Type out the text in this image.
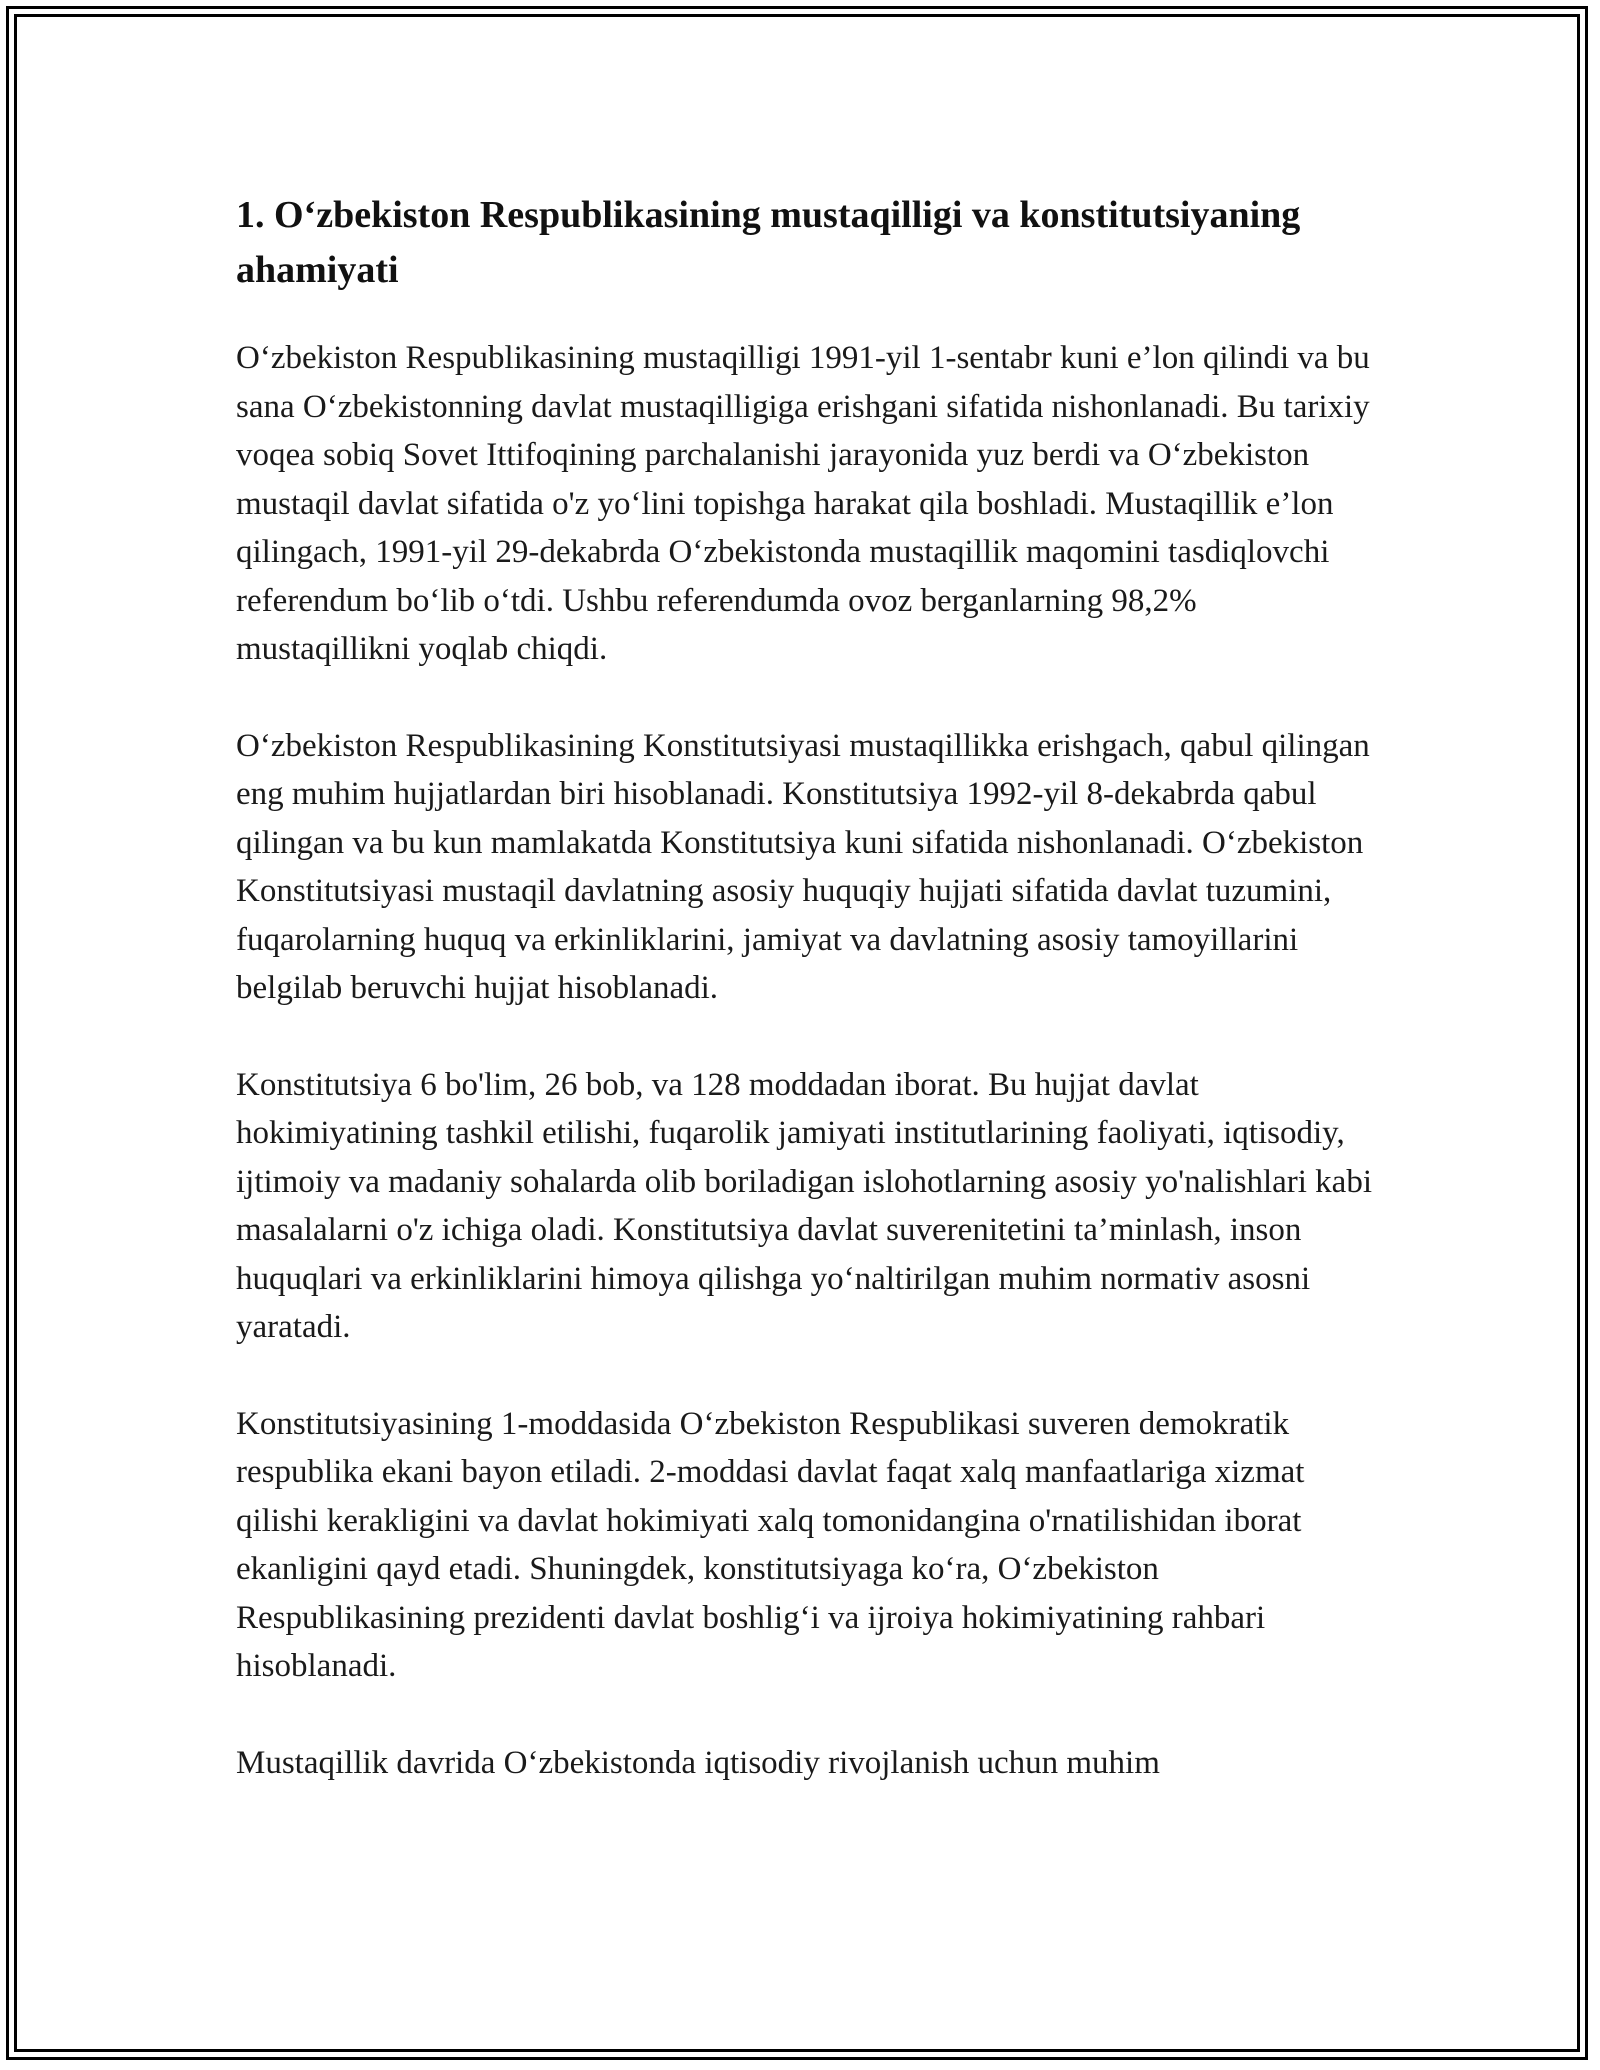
1. O‘zbekiston Respublikasining mustaqilligi va konstitutsiyaning ahamiyati

O‘zbekiston Respublikasining mustaqilligi 1991-yil 1-sentabr kuni e’lon qilindi va bu sana O‘zbekistonning davlat mustaqilligiga erishgani sifatida nishonlanadi. Bu tarixiy voqea sobiq Sovet Ittifoqining parchalanishi jarayonida yuz berdi va O‘zbekiston mustaqil davlat sifatida o'z yo‘lini topishga harakat qila boshladi. Mustaqillik e’lon qilingach, 1991-yil 29-dekabrda O‘zbekistonda mustaqillik maqomini tasdiqlovchi referendum bo‘lib o‘tdi. Ushbu referendumda ovoz berganlarning 98,2% mustaqillikni yoqlab chiqdi.

O‘zbekiston Respublikasining Konstitutsiyasi mustaqillikka erishgach, qabul qilingan eng muhim hujjatlardan biri hisoblanadi. Konstitutsiya 1992-yil 8-dekabrda qabul qilingan va bu kun mamlakatda Konstitutsiya kuni sifatida nishonlanadi. O‘zbekiston Konstitutsiyasi mustaqil davlatning asosiy huquqiy hujjati sifatida davlat tuzumini, fuqarolarning huquq va erkinliklarini, jamiyat va davlatning asosiy tamoyillarini belgilab beruvchi hujjat hisoblanadi.

Konstitutsiya 6 bo'lim, 26 bob, va 128 moddadan iborat. Bu hujjat davlat hokimiyatining tashkil etilishi, fuqarolik jamiyati institutlarining faoliyati, iqtisodiy, ijtimoiy va madaniy sohalarda olib boriladigan islohotlarning asosiy yo'nalishlari kabi masalalarni o'z ichiga oladi. Konstitutsiya davlat suverenitetini ta’minlash, inson huquqlari va erkinliklarini himoya qilishga yo‘naltirilgan muhim normativ asosni yaratadi.

Konstitutsiyasining 1-moddasida O‘zbekiston Respublikasi suveren demokratik respublika ekani bayon etiladi. 2-moddasi davlat faqat xalq manfaatlariga xizmat qilishi kerakligini va davlat hokimiyati xalq tomonidangina o'rnatilishidan iborat ekanligini qayd etadi. Shuningdek, konstitutsiyaga ko‘ra, O‘zbekiston Respublikasining prezidenti davlat boshlig‘i va ijroiya hokimiyatining rahbari hisoblanadi.

Mustaqillik davrida O‘zbekistonda iqtisodiy rivojlanish uchun muhim
